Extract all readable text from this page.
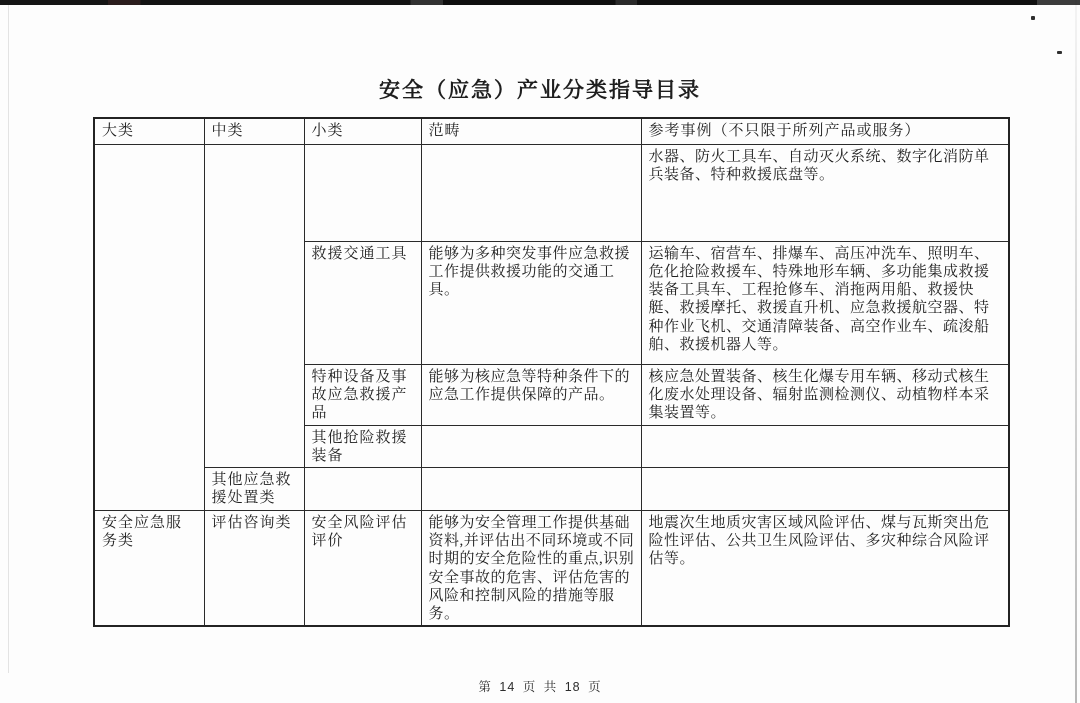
安全（应急）产业分类指导目录
大类	中类	小类	范畴	参考事例（不只限于所列产品或服务）
				水器、防火工具车、自动灭火系统、数字化消防单兵装备、特种救援底盘等。
		救援交通工具	能够为多种突发事件应急救援工作提供救援功能的交通工具。	运输车、宿营车、排爆车、高压冲洗车、照明车、危化抢险救援车、特殊地形车辆、多功能集成救援装备工具车、工程抢修车、消拖两用船、救援快艇、救援摩托、救援直升机、应急救援航空器、特种作业飞机、交通清障装备、高空作业车、疏浚船舶、救援机器人等。
		特种设备及事故应急救援产品	能够为核应急等特种条件下的应急工作提供保障的产品。	核应急处置装备、核生化爆专用车辆、移动式核生化废水处理设备、辐射监测检测仪、动植物样本采集装置等。
		其他抢险救援装备		
	其他应急救援处置类			
安全应急服务类	评估咨询类	安全风险评估评价	能够为安全管理工作提供基础资料,并评估出不同环境或不同时期的安全危险性的重点,识别安全事故的危害、评估危害的风险和控制风险的措施等服务。	地震次生地质灾害区域风险评估、煤与瓦斯突出危险性评估、公共卫生风险评估、多灾种综合风险评估等。
第 14 页 共 18 页
